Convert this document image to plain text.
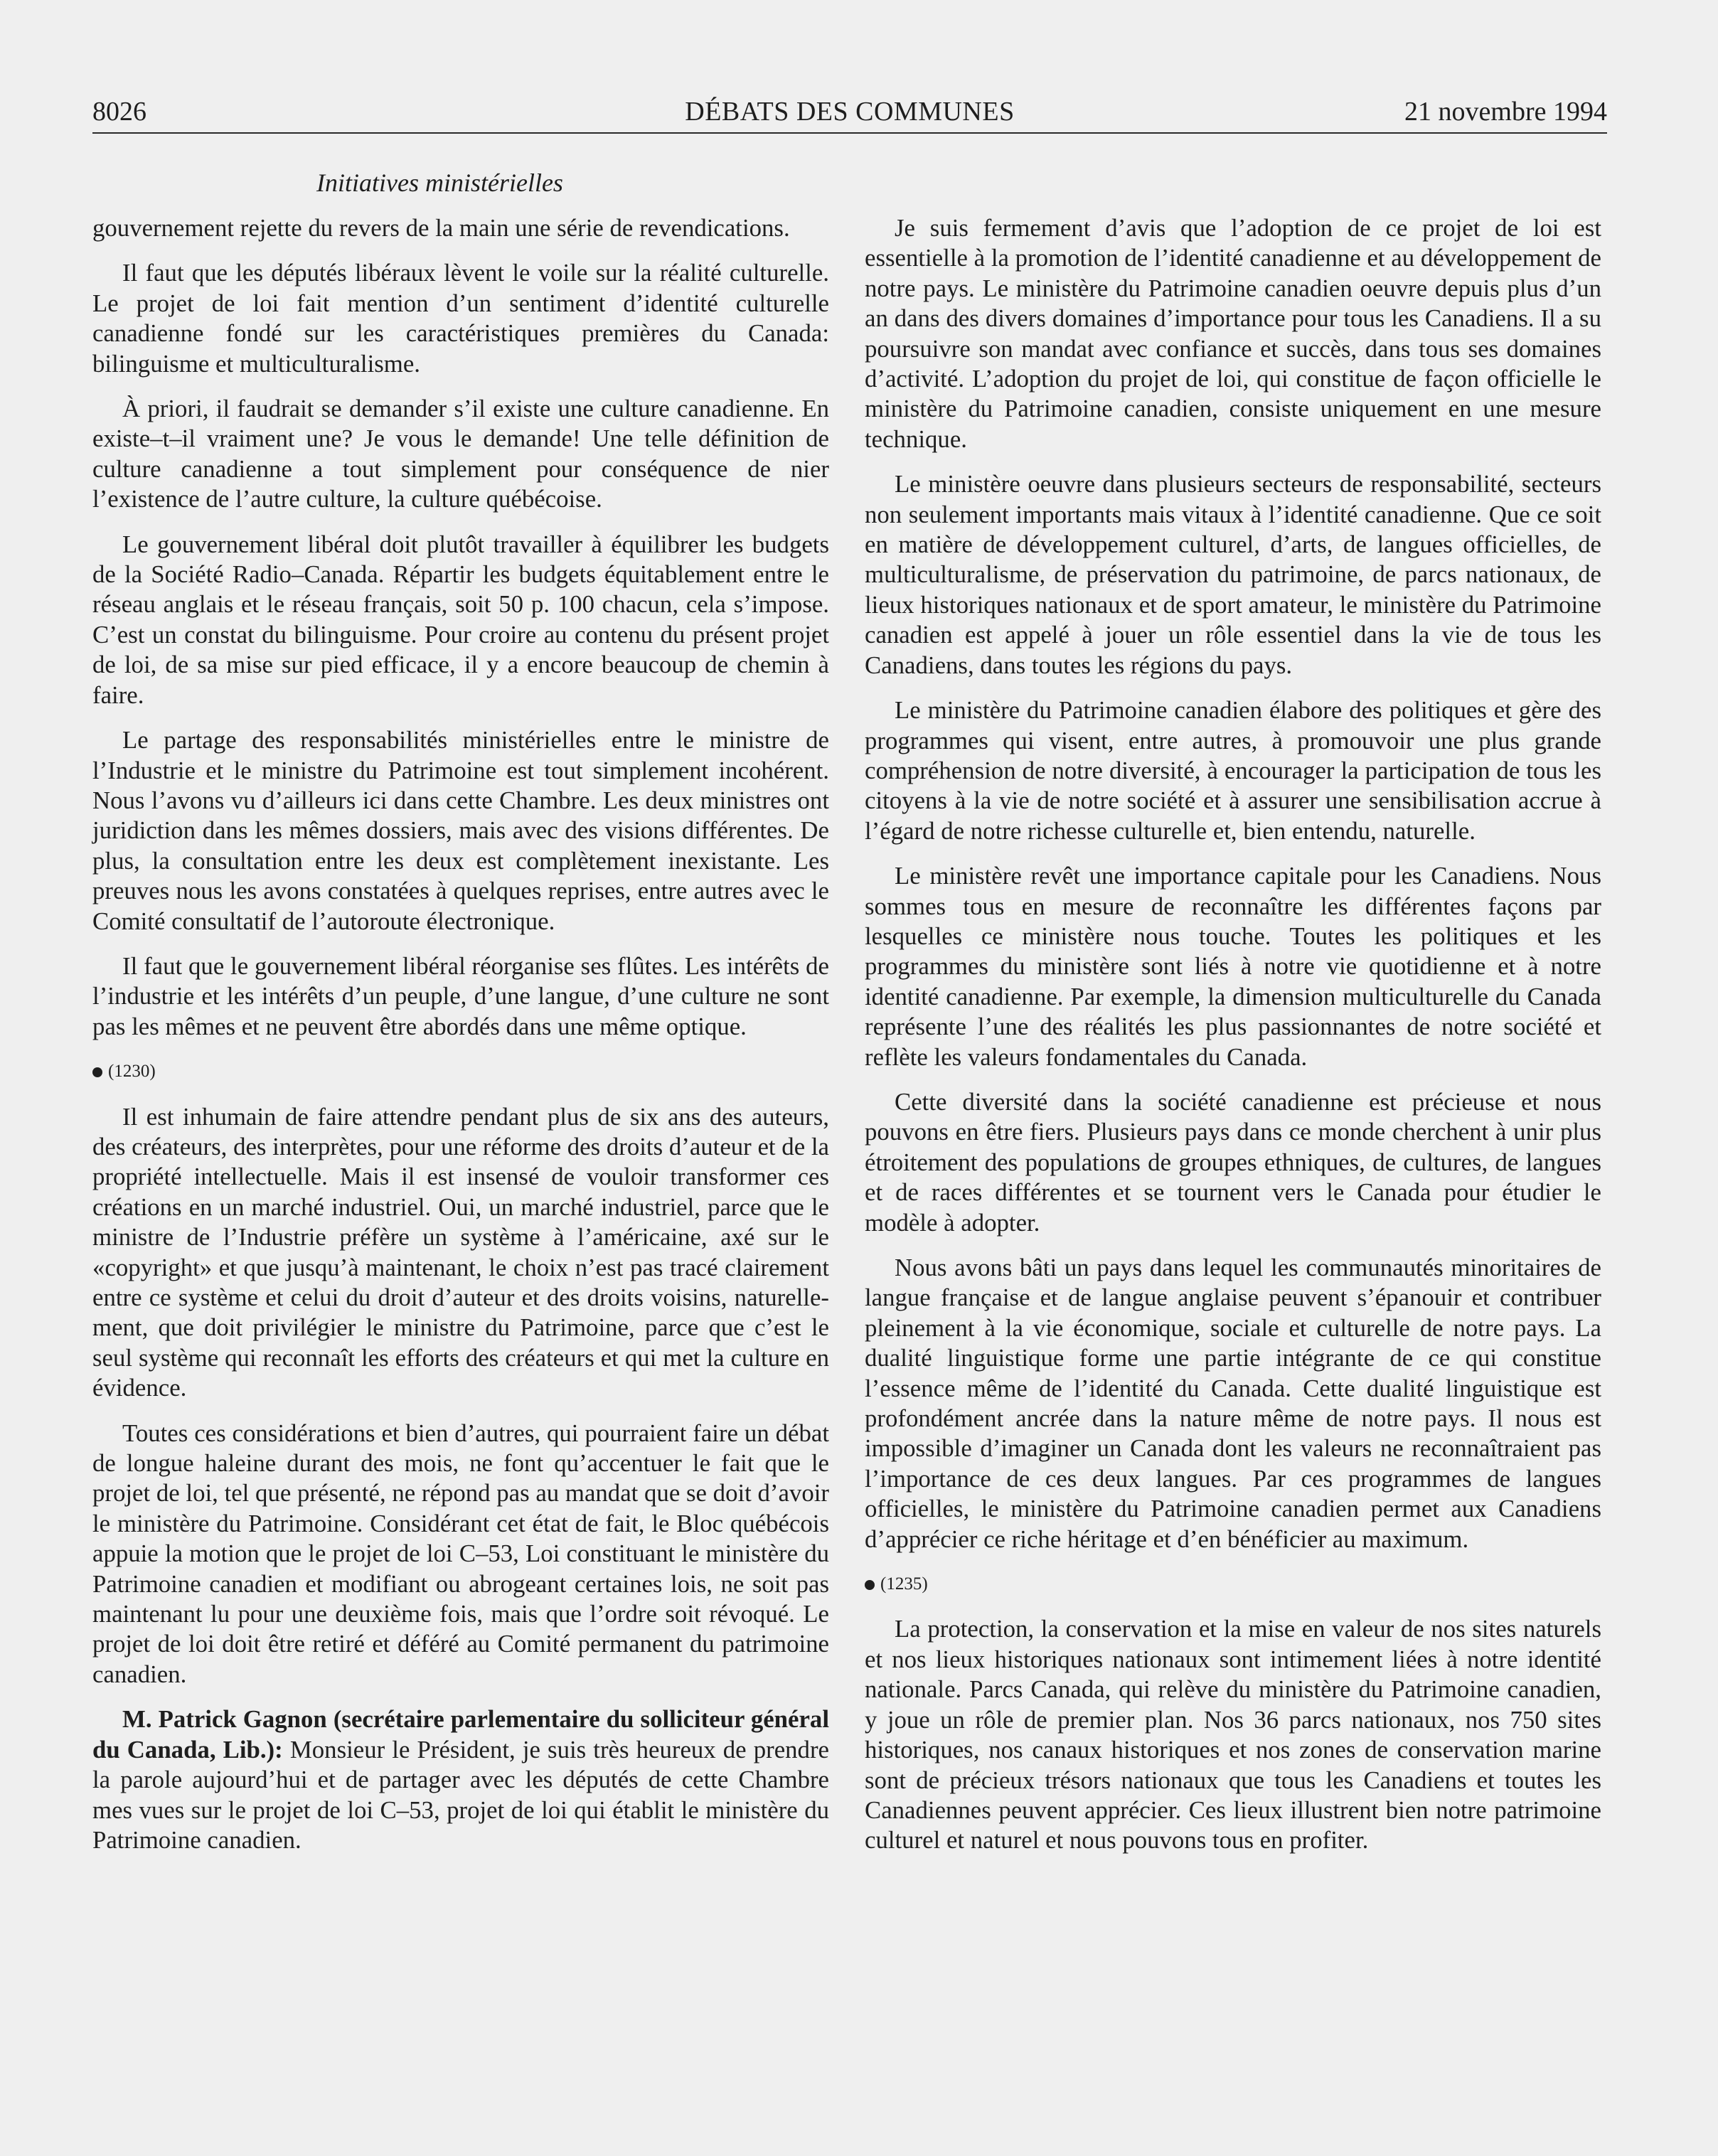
DÉBATS DES COMMUNES
8026	21 novembre 1994
Initiatives ministérielles

gouvernement rejette du revers de la main une série de revendications.

Il faut que les députés libéraux lèvent le voile sur la réalité culturelle. Le projet de loi fait mention d’un sentiment d’identité culturelle canadienne fondé sur les caractéristiques premières du Canada: bilinguisme et multiculturalisme.

À priori, il faudrait se demander s’il existe une culture canadienne. En existe–t–il vraiment une? Je vous le demande! Une telle définition de culture canadienne a tout simplement pour conséquence de nier l’existence de l’autre culture, la culture québécoise.

Le gouvernement libéral doit plutôt travailler à équilibrer les budgets de la Société Radio–Canada. Répartir les budgets équitablement entre le réseau anglais et le réseau français, soit 50 p. 100 chacun, cela s’impose. C’est un constat du bilinguisme. Pour croire au contenu du présent projet de loi, de sa mise sur pied efficace, il y a encore beaucoup de chemin à faire.

Le partage des responsabilités ministérielles entre le ministre de l’Industrie et le ministre du Patrimoine est tout simplement incohérent. Nous l’avons vu d’ailleurs ici dans cette Chambre. Les deux ministres ont juridiction dans les mêmes dossiers, mais avec des visions différentes. De plus, la consultation entre les deux est complètement inexistante. Les preuves nous les avons constatées à quelques reprises, entre autres avec le Comité consultatif de l’autoroute électronique.

Il faut que le gouvernement libéral réorganise ses flûtes. Les intérêts de l’industrie et les intérêts d’un peuple, d’une langue, d’une culture ne sont pas les mêmes et ne peuvent être abordés dans une même optique.

(1230)

Il est inhumain de faire attendre pendant plus de six ans des auteurs, des créateurs, des interprètes, pour une réforme des droits d’auteur et de la propriété intellectuelle. Mais il est insensé de vouloir transformer ces créations en un marché industriel. Oui, un marché industriel, parce que le ministre de l’Industrie préfère un système à l’américaine, axé sur le «copyright» et que jusqu’à maintenant, le choix n’est pas tracé clairement entre ce système et celui du droit d’auteur et des droits voisins, naturellement, que doit privilégier le ministre du Patrimoine, parce que c’est le seul système qui reconnaît les efforts des créateurs et qui met la culture en évidence.

Toutes ces considérations et bien d’autres, qui pourraient faire un débat de longue haleine durant des mois, ne font qu’accentuer le fait que le projet de loi, tel que présenté, ne répond pas au mandat que se doit d’avoir le ministère du Patrimoine. Considérant cet état de fait, le Bloc québécois appuie la motion que le projet de loi C–53, Loi constituant le ministère du Patrimoine canadien et modifiant ou abrogeant certaines lois, ne soit pas maintenant lu pour une deuxième fois, mais que l’ordre soit révoqué. Le projet de loi doit être retiré et déféré au Comité permanent du patrimoine canadien.

M. Patrick Gagnon (secrétaire parlementaire du solliciteur général du Canada, Lib.): Monsieur le Président, je suis très heureux de prendre la parole aujourd’hui et de partager avec les députés de cette Chambre mes vues sur le projet de loi C–53, projet de loi qui établit le ministère du Patrimoine canadien.

Je suis fermement d’avis que l’adoption de ce projet de loi est essentielle à la promotion de l’identité canadienne et au développement de notre pays. Le ministère du Patrimoine canadien oeuvre depuis plus d’un an dans des divers domaines d’importance pour tous les Canadiens. Il a su poursuivre son mandat avec confiance et succès, dans tous ses domaines d’activité. L’adoption du projet de loi, qui constitue de façon officielle le ministère du Patrimoine canadien, consiste uniquement en une mesure technique.

Le ministère oeuvre dans plusieurs secteurs de responsabilité, secteurs non seulement importants mais vitaux à l’identité canadienne. Que ce soit en matière de développement culturel, d’arts, de langues officielles, de multiculturalisme, de préservation du patrimoine, de parcs nationaux, de lieux historiques nationaux et de sport amateur, le ministère du Patrimoine canadien est appelé à jouer un rôle essentiel dans la vie de tous les Canadiens, dans toutes les régions du pays.

Le ministère du Patrimoine canadien élabore des politiques et gère des programmes qui visent, entre autres, à promouvoir une plus grande compréhension de notre diversité, à encourager la participation de tous les citoyens à la vie de notre société et à assurer une sensibilisation accrue à l’égard de notre richesse culturelle et, bien entendu, naturelle.

Le ministère revêt une importance capitale pour les Canadiens. Nous sommes tous en mesure de reconnaître les différentes façons par lesquelles ce ministère nous touche. Toutes les politiques et les programmes du ministère sont liés à notre vie quotidienne et à notre identité canadienne. Par exemple, la dimension multiculturelle du Canada représente l’une des réalités les plus passionnantes de notre société et reflète les valeurs fondamentales du Canada.

Cette diversité dans la société canadienne est précieuse et nous pouvons en être fiers. Plusieurs pays dans ce monde cherchent à unir plus étroitement des populations de groupes ethniques, de cultures, de langues et de races différentes et se tournent vers le Canada pour étudier le modèle à adopter.

Nous avons bâti un pays dans lequel les communautés minoritaires de langue française et de langue anglaise peuvent s’épanouir et contribuer pleinement à la vie économique, sociale et culturelle de notre pays. La dualité linguistique forme une partie intégrante de ce qui constitue l’essence même de l’identité du Canada. Cette dualité linguistique est profondément ancrée dans la nature même de notre pays. Il nous est impossible d’imaginer un Canada dont les valeurs ne reconnaîtraient pas l’importance de ces deux langues. Par ces programmes de langues officielles, le ministère du Patrimoine canadien permet aux Canadiens d’apprécier ce riche héritage et d’en bénéficier au maximum.

(1235)

La protection, la conservation et la mise en valeur de nos sites naturels et nos lieux historiques nationaux sont intimement liées à notre identité nationale. Parcs Canada, qui relève du ministère du Patrimoine canadien, y joue un rôle de premier plan. Nos 36 parcs nationaux, nos 750 sites historiques, nos canaux historiques et nos zones de conservation marine sont de précieux trésors nationaux que tous les Canadiens et toutes les Canadiennes peuvent apprécier. Ces lieux illustrent bien notre patrimoine culturel et naturel et nous pouvons tous en profiter.
